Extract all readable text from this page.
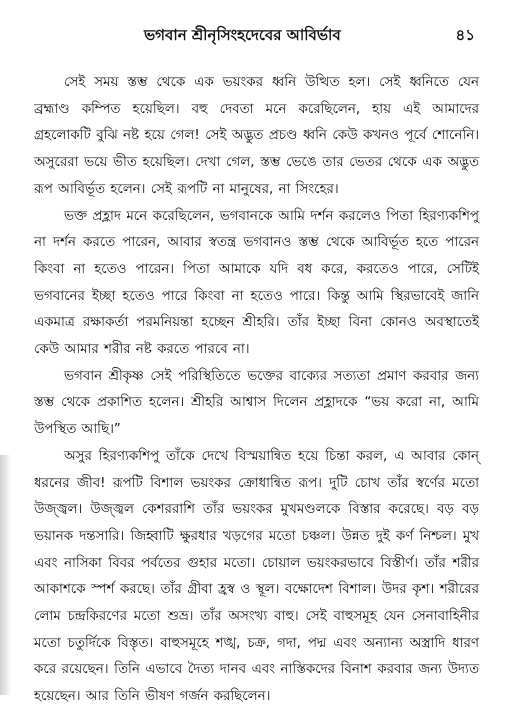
ভগবান শ্রীনৃসিংহদেবের আবির্ভাব	৪১

সেই সময় স্তম্ভ থেকে এক ভয়ংকর ধ্বনি উত্থিত হল। সেই ধ্বনিতে যেন ব্রহ্মাণ্ড কম্পিত হয়েছিল। বহু দেবতা মনে করেছিলেন, হায় এই আমাদের গ্রহলোকটি বুঝি নষ্ট হয়ে গেল! সেই অদ্ভুত প্রচণ্ড ধ্বনি কেউ কখনও পূর্বে শোনেনি। অসুরেরা ভয়ে ভীত হয়েছিল। দেখা গেল, স্তম্ভ ভেঙে তার ভেতর থেকে এক অদ্ভুত রূপ আবির্ভূত হলেন। সেই রূপটি না মানুষের, না সিংহের।

ভক্ত প্রহ্লাদ মনে করেছিলেন, ভগবানকে আমি দর্শন করলেও পিতা হিরণ্যকশিপু না দর্শন করতে পারেন, আবার স্বতন্ত্র ভগবানও স্তম্ভ থেকে আবির্ভূত হতে পারেন কিংবা না হতেও পারেন। পিতা আমাকে যদি বধ করে, করতেও পারে, সেটিই ভগবানের ইচ্ছা হতেও পারে কিংবা না হতেও পারে। কিন্তু আমি স্থিরভাবেই জানি একমাত্র রক্ষাকর্তা পরমনিয়ন্তা হচ্ছেন শ্রীহরি। তাঁর ইচ্ছা বিনা কোনও অবস্থাতেই কেউ আমার শরীর নষ্ট করতে পারবে না।

ভগবান শ্রীকৃষ্ণ সেই পরিস্থিতিতে ভক্তের বাক্যের সত্যতা প্রমাণ করবার জন্য স্তম্ভ থেকে প্রকাশিত হলেন। শ্রীহরি আশ্বাস দিলেন প্রহ্লাদকে “ভয় করো না, আমি উপস্থিত আছি।”

অসুর হিরণ্যকশিপু তাঁকে দেখে বিস্ময়ান্বিত হয়ে চিন্তা করল, এ আবার কোন্ ধরনের জীব! রূপটি বিশাল ভয়ংকর ক্রোধান্বিত রূপ। দুটি চোখ তাঁর স্বর্ণের মতো উজ্জ্বল। উজ্জ্বল কেশররাশি তাঁর ভয়ংকর মুখমণ্ডলকে বিস্তার করেছে। বড় বড় ভয়ানক দন্তসারি। জিহ্বাটি ক্ষুরধার খড়গের মতো চঞ্চল। উন্নত দুই কর্ণ নিশ্চল। মুখ এবং নাসিকা বিবর পর্বতের গুহার মতো। চোয়াল ভয়ংকরভাবে বিস্তীর্ণ। তাঁর শরীর আকাশকে স্পর্শ করছে। তাঁর গ্রীবা হ্রস্ব ও স্থূল। বক্ষোদেশ বিশাল। উদর কৃশ। শরীরের লোম চন্দ্রকিরণের মতো শুভ্র। তাঁর অসংখ্য বাহু। সেই বাহুসমূহ যেন সেনাবাহিনীর মতো চতুর্দিকে বিস্তৃত। বাহুসমূহে শঙ্খ, চক্র, গদা, পদ্ম এবং অন্যান্য অস্ত্রাদি ধারণ করে রয়েছেন। তিনি এভাবে দৈত্য দানব এবং নাস্তিকদের বিনাশ করবার জন্য উদ্যত হয়েছেন। আর তিনি ভীষণ গর্জন করছিলেন।
